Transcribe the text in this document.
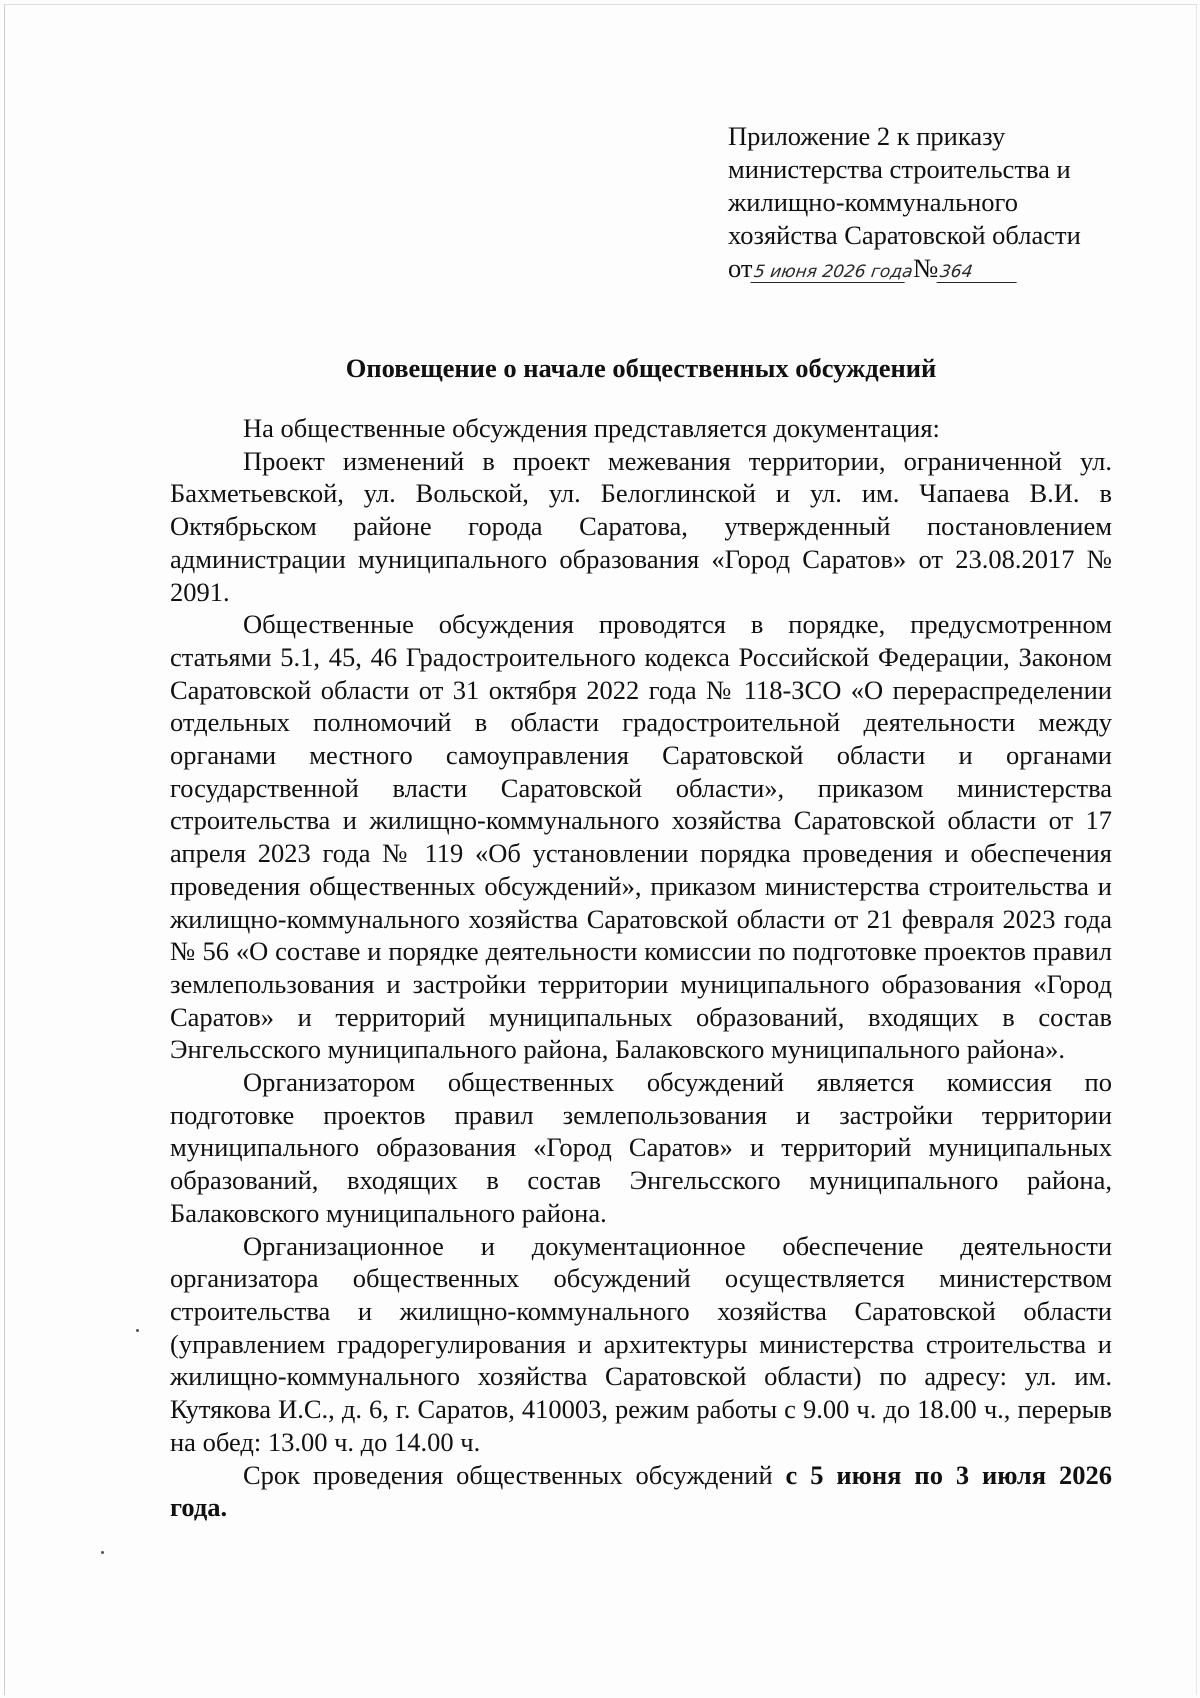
Приложение 2 к приказу
министерства строительства и
жилищно-коммунального
хозяйства Саратовской области
от5 июня 2026 года №364
Оповещение о начале общественных обсуждений

На общественные обсуждения представляется документация:

Проект изменений в проект межевания территории, ограниченной ул. Бахметьевской, ул. Вольской, ул. Белоглинской и ул. им. Чапаева В.И. в Октябрьском районе города Саратова, утвержденный постановлением администрации муниципального образования «Город Саратов» от 23.08.2017 № 2091.

Общественные обсуждения проводятся в порядке, предусмотренном статьями 5.1, 45, 46 Градостроительного кодекса Российской Федерации, Законом Саратовской области от 31 октября 2022 года № 118-ЗСО «О перераспределении отдельных полномочий в области градостроительной деятельности между органами местного самоуправления Саратовской области и органами государственной власти Саратовской области», приказом министерства строительства и жилищно-коммунального хозяйства Саратовской области от 17 апреля 2023 года № 119 «Об установлении порядка проведения и обеспечения проведения общественных обсуждений», приказом министерства строительства и жилищно-коммунального хозяйства Саратовской области от 21 февраля 2023 года № 56 «О составе и порядке деятельности комиссии по подготовке проектов правил землепользования и застройки территории муниципального образования «Город Саратов» и территорий муниципальных образований, входящих в состав Энгельсского муниципального района, Балаковского муниципального района».

Организатором общественных обсуждений является комиссия по подготовке проектов правил землепользования и застройки территории муниципального образования «Город Саратов» и территорий муниципальных образований, входящих в состав Энгельсского муниципального района, Балаковского муниципального района.

Организационное и документационное обеспечение деятельности организатора общественных обсуждений осуществляется министерством строительства и жилищно-коммунального хозяйства Саратовской области (управлением градорегулирования и архитектуры министерства строительства и жилищно-коммунального хозяйства Саратовской области) по адресу: ул. им. Кутякова И.С., д. 6, г. Саратов, 410003, режим работы с 9.00 ч. до 18.00 ч., перерыв на обед: 13.00 ч. до 14.00 ч.

Срок проведения общественных обсуждений с 5 июня по 3 июля 2026 года.
